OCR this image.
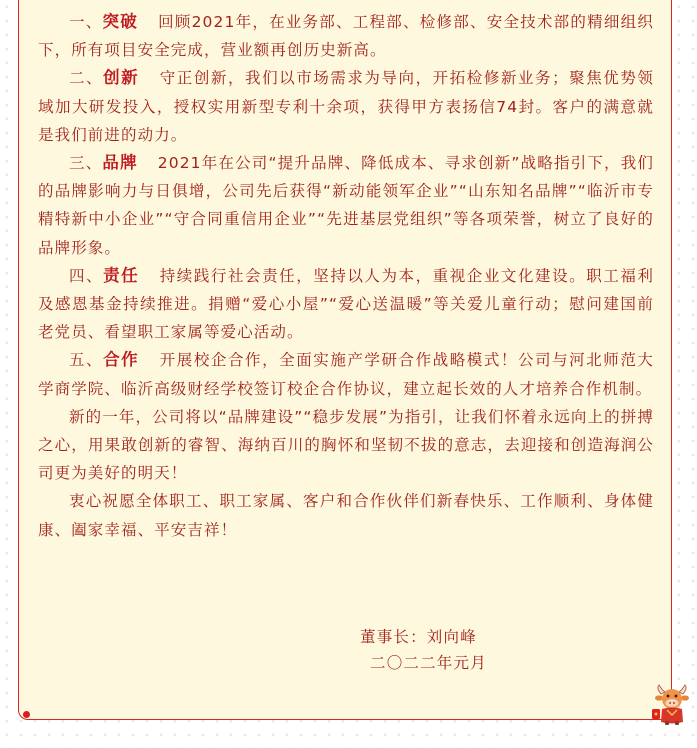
一、突破 回顾2021年，在业务部、工程部、检修部、安全技术部的精细组织下，所有项目安全完成，营业额再创历史新高。

二、创新 守正创新，我们以市场需求为导向，开拓检修新业务；聚焦优势领域加大研发投入，授权实用新型专利十余项，获得甲方表扬信74封。客户的满意就是我们前进的动力。

三、品牌 2021年在公司“提升品牌、降低成本、寻求创新”战略指引下，我们的品牌影响力与日俱增，公司先后获得“新动能领军企业”“山东知名品牌”“临沂市专精特新中小企业”“守合同重信用企业”“先进基层党组织”等各项荣誉，树立了良好的品牌形象。

四、责任 持续践行社会责任，坚持以人为本，重视企业文化建设。职工福利及感恩基金持续推进。捐赠“爱心小屋”“爱心送温暖”等关爱儿童行动；慰问建国前老党员、看望职工家属等爱心活动。

五、合作 开展校企合作，全面实施产学研合作战略模式！公司与河北师范大学商学院、临沂高级财经学校签订校企合作协议，建立起长效的人才培养合作机制。

新的一年，公司将以“品牌建设”“稳步发展”为指引，让我们怀着永远向上的拼搏之心，用果敢创新的睿智、海纳百川的胸怀和坚韧不拔的意志，去迎接和创造海润公司更为美好的明天！

衷心祝愿全体职工、职工家属、客户和合作伙伴们新春快乐、工作顺利、身体健康、阖家幸福、平安吉祥！

董事长：刘向峰
二〇二二年元月
